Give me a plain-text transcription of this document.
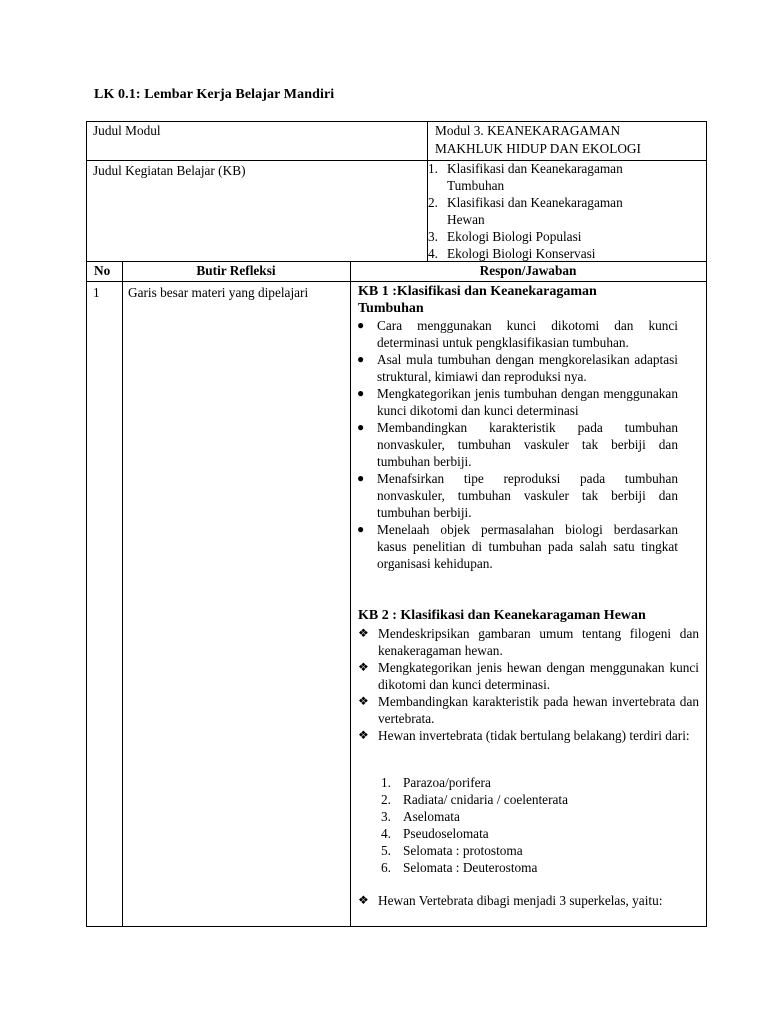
LK 0.1: Lembar Kerja Belajar Mandiri
Judul Modul	Modul 3. KEANEKARAGAMAN
MAKHLUK HIDUP DAN EKOLOGI
Judul Kegiatan Belajar (KB)	1. Klasifikasi dan Keanekaragaman
Tumbuhan
2. Klasifikasi dan Keanekaragaman
Hewan
3. Ekologi Biologi Populasi
4. Ekologi Biologi Konservasi
No	Butir Refleksi	Respon/Jawaban
1 Garis besar materi yang dipelajari	KB 1 :Klasifikasi dan Keanekaragaman
Tumbuhan
● Cara menggunakan kunci dikotomi dan kunci determinasi untuk pengklasifikasian tumbuhan.
● Asal mula tumbuhan dengan mengkorelasikan adaptasi struktural, kimiawi dan reproduksi nya.
● Mengkategorikan jenis tumbuhan dengan menggunakan kunci dikotomi dan kunci determinasi
● Membandingkan karakteristik pada tumbuhan nonvaskuler, tumbuhan vaskuler tak berbiji dan tumbuhan berbiji.
● Menafsirkan tipe reproduksi pada tumbuhan nonvaskuler, tumbuhan vaskuler tak berbiji dan tumbuhan berbiji.
● Menelaah objek permasalahan biologi berdasarkan kasus penelitian di tumbuhan pada salah satu tingkat organisasi kehidupan.
KB 2 : Klasifikasi dan Keanekaragaman Hewan
❖ Mendeskripsikan gambaran umum tentang filogeni dan kenakeragaman hewan.
❖ Mengkategorikan jenis hewan dengan menggunakan kunci dikotomi dan kunci determinasi.
❖ Membandingkan karakteristik pada hewan invertebrata dan vertebrata.
❖ Hewan invertebrata (tidak bertulang belakang) terdiri dari:
1. Parazoa/porifera
2. Radiata/ cnidaria / coelenterata
3. Aselomata
4. Pseudoselomata
5. Selomata : protostoma
6. Selomata : Deuterostoma
❖ Hewan Vertebrata dibagi menjadi 3 superkelas, yaitu:
